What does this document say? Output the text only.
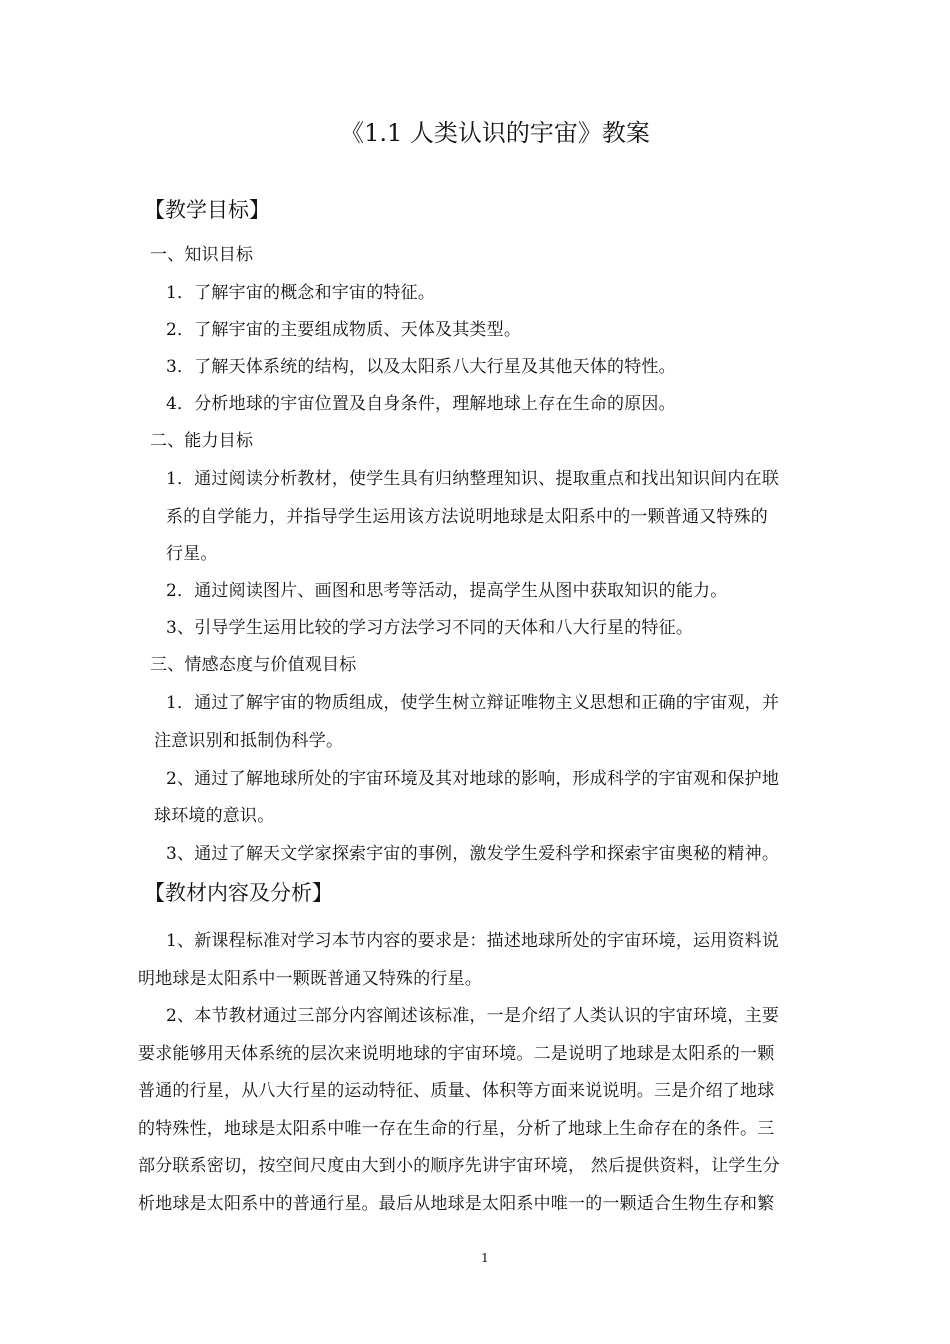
《1.1 人类认识的宇宙》教案
【教学目标】
一、知识目标
1．了解宇宙的概念和宇宙的特征。
2．了解宇宙的主要组成物质、天体及其类型。
3．了解天体系统的结构，以及太阳系八大行星及其他天体的特性。
4．分析地球的宇宙位置及自身条件，理解地球上存在生命的原因。
二、能力目标
1．通过阅读分析教材，使学生具有归纳整理知识、提取重点和找出知识间内在联
系的自学能力，并指导学生运用该方法说明地球是太阳系中的一颗普通又特殊的
行星。
2．通过阅读图片、画图和思考等活动，提高学生从图中获取知识的能力。
3、引导学生运用比较的学习方法学习不同的天体和八大行星的特征。
三、情感态度与价值观目标
1．通过了解宇宙的物质组成，使学生树立辩证唯物主义思想和正确的宇宙观，并
注意识别和抵制伪科学。
2、通过了解地球所处的宇宙环境及其对地球的影响，形成科学的宇宙观和保护地
球环境的意识。
3、通过了解天文学家探索宇宙的事例，激发学生爱科学和探索宇宙奥秘的精神。
【教材内容及分析】
1、新课程标准对学习本节内容的要求是：描述地球所处的宇宙环境，运用资料说
明地球是太阳系中一颗既普通又特殊的行星。
2、本节教材通过三部分内容阐述该标准，一是介绍了人类认识的宇宙环境，主要
要求能够用天体系统的层次来说明地球的宇宙环境。二是说明了地球是太阳系的一颗
普通的行星，从八大行星的运动特征、质量、体积等方面来说说明。三是介绍了地球
的特殊性，地球是太阳系中唯一存在生命的行星，分析了地球上生命存在的条件。三
部分联系密切，按空间尺度由大到小的顺序先讲宇宙环境， 然后提供资料，让学生分
析地球是太阳系中的普通行星。最后从地球是太阳系中唯一的一颗适合生物生存和繁
1
